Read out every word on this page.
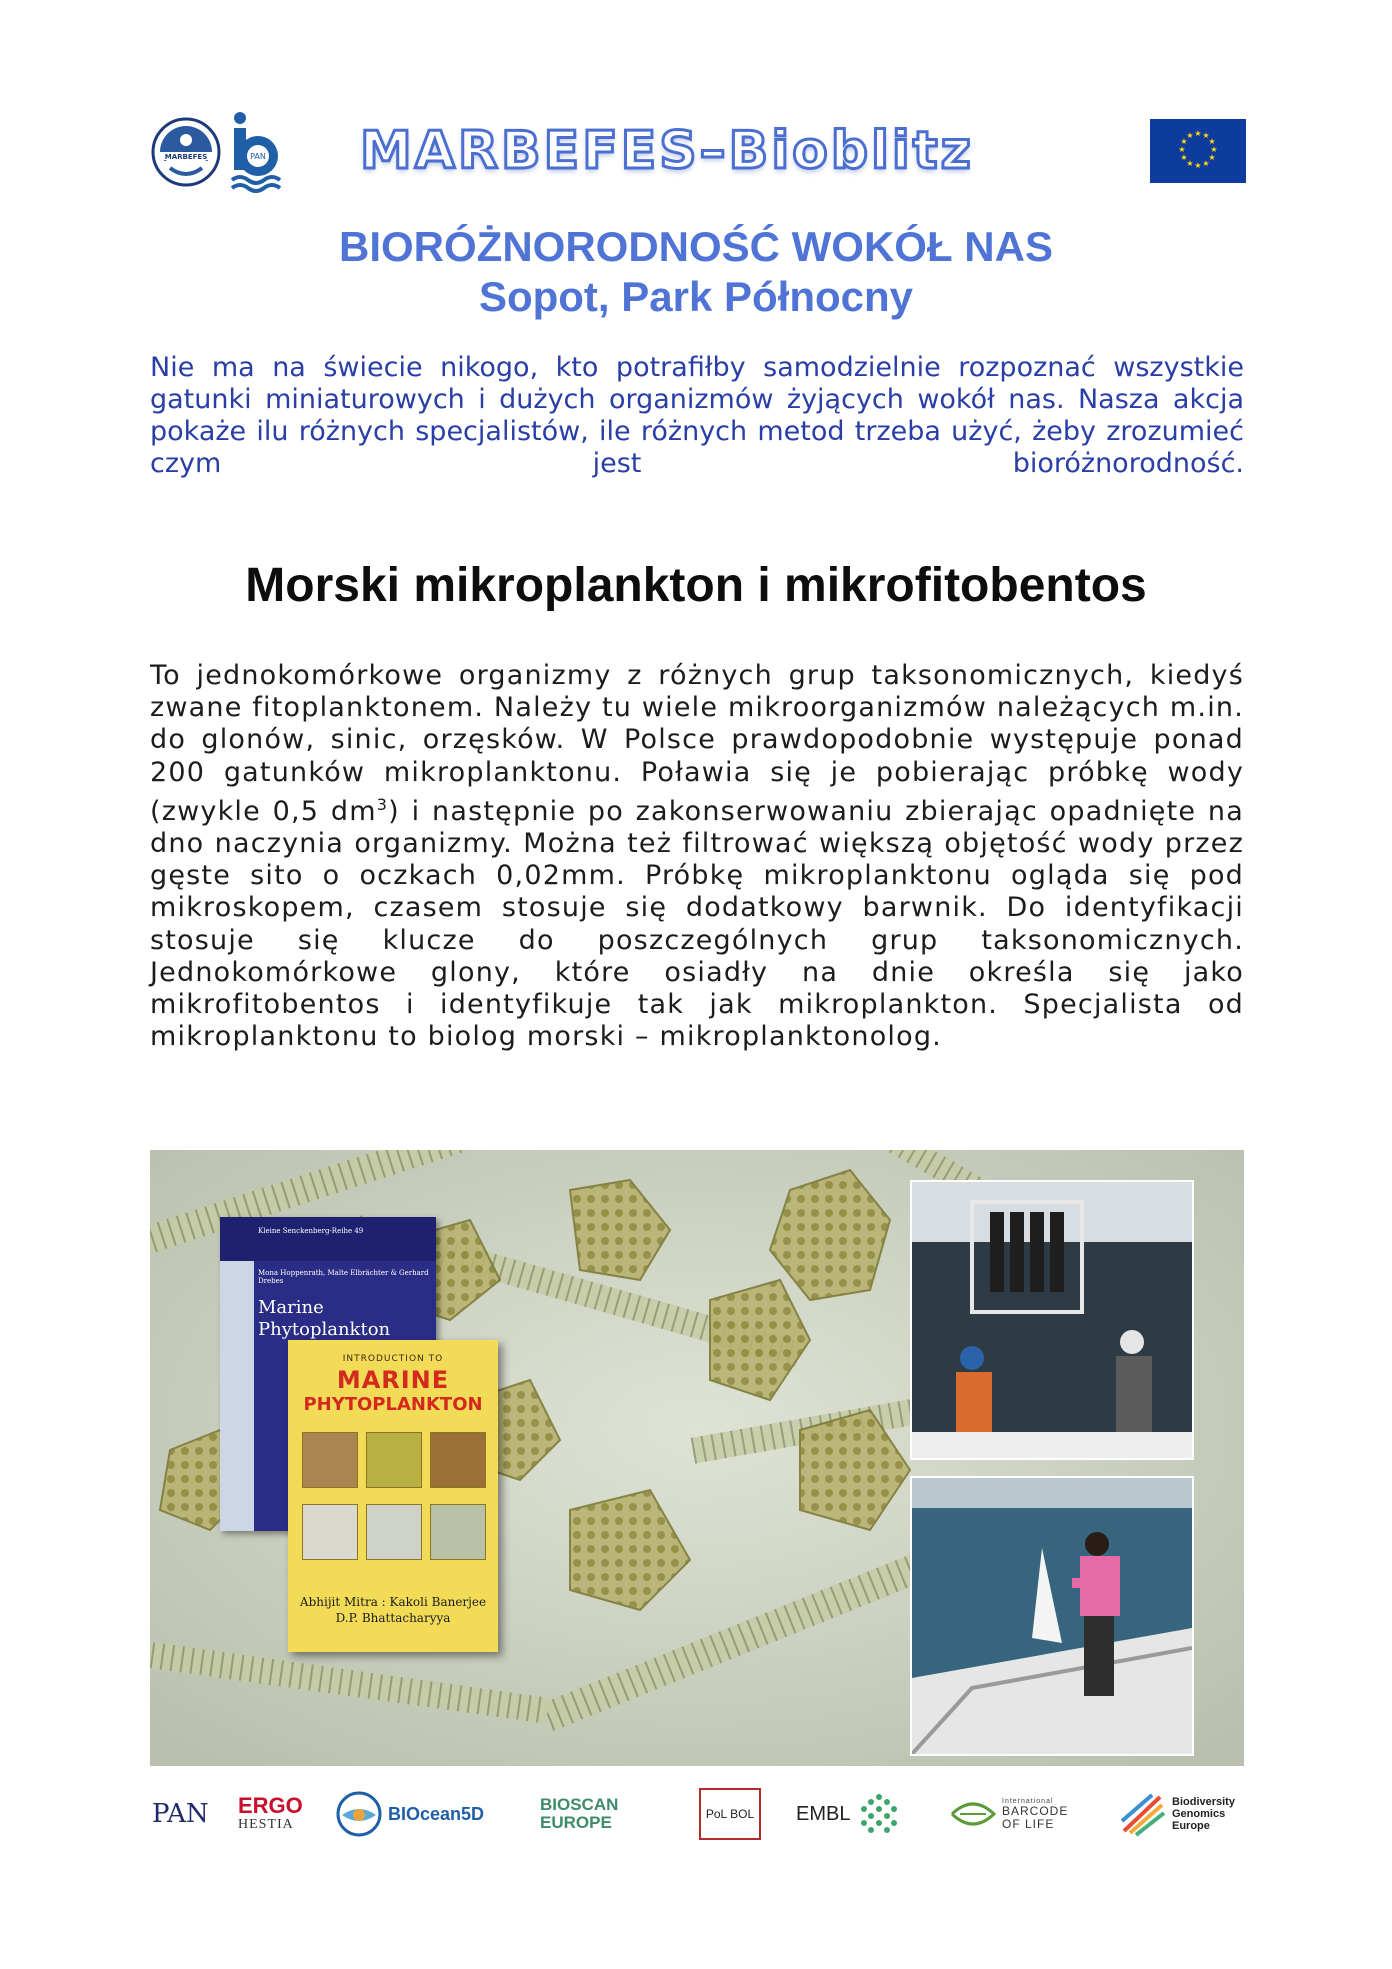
MARBEFES	PAN MARBEFES–Bioblitz	★ ★
★
★
★
★
★
★
★
★
★
★
BIORÓŻNORODNOŚĆ WOKÓŁ NAS
Sopot, Park Północny
Nie ma na świecie nikogo, kto potrafiłby samodzielnie rozpoznać wszystkie gatunki miniaturowych i dużych organizmów żyjących wokół nas. Nasza akcja pokaże ilu różnych specjalistów, ile różnych metod trzeba użyć, żeby zrozumieć czym jest bioróżnorodność.
Morski mikroplankton i mikrofitobentos
To jednokomórkowe organizmy z różnych grup taksonomicznych, kiedyś zwane fitoplanktonem. Należy tu wiele mikroorganizmów należących m.in. do glonów, sinic, orzęsków. W Polsce prawdopodobnie występuje ponad 200 gatunków mikroplanktonu. Poławia się je pobierając próbkę wody (zwykle 0,5 $dm^3$) i następnie po zakonserwowaniu zbierając opadnięte na dno naczynia organizmy. Można też filtrować większą objętość wody przez gęste sito o oczkach 0,02mm. Próbkę mikroplanktonu ogląda się pod mikroskopem, czasem stosuje się dodatkowy barwnik. Do identyfikacji stosuje się klucze do poszczególnych grup taksonomicznych. Jednokomórkowe glony, które osiadły na dnie określa się jako mikrofitobentos i identyfikuje tak jak mikroplankton. Specjalista od mikroplanktonu to biolog morski – mikroplanktonolog.
Kleine Senckenberg-Reihe 49
Mona Hoppenrath, Malte Elbrächter & Gerhard Drebes
Marine
Phytoplankton
INTRODUCTION TO
MARINE
PHYTOPLANKTON
Abhijit Mitra : Kakoli Banerjee
D.P. Bhattacharyya
PAN ERGO
HESTIA
BIOcean5D	BIOSCAN
EUROPE	PoL BOL EMBL
International
BARCODE
OF LIFE
Biodiversity
Genomics
Europe
